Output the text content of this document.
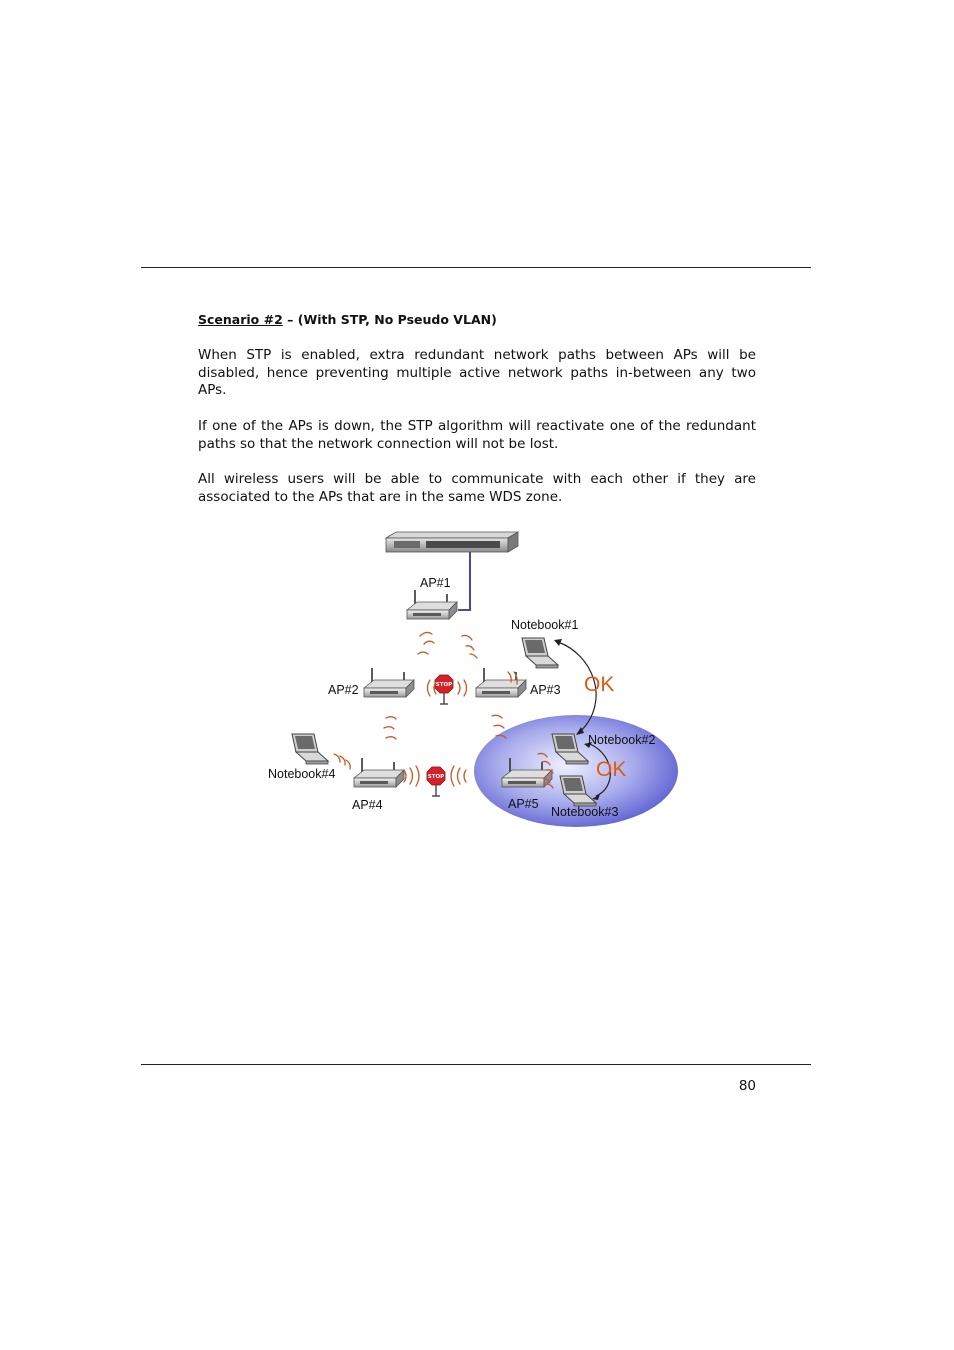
Scenario #2 – (With STP, No Pseudo VLAN)

When STP is enabled, extra redundant network paths between APs will be disabled, hence preventing multiple active network paths in-between any two APs.

If one of the APs is down, the STP algorithm will reactivate one of the redundant paths so that the network connection will not be lost.

All wireless users will be able to communicate with each other if they are associated to the APs that are in the same WDS zone.

STOP
AP#1
AP#2	AP#3
AP#4	AP#5
Notebook#1
Notebook#2
Notebook#3
Notebook#4
OK
OK
80
